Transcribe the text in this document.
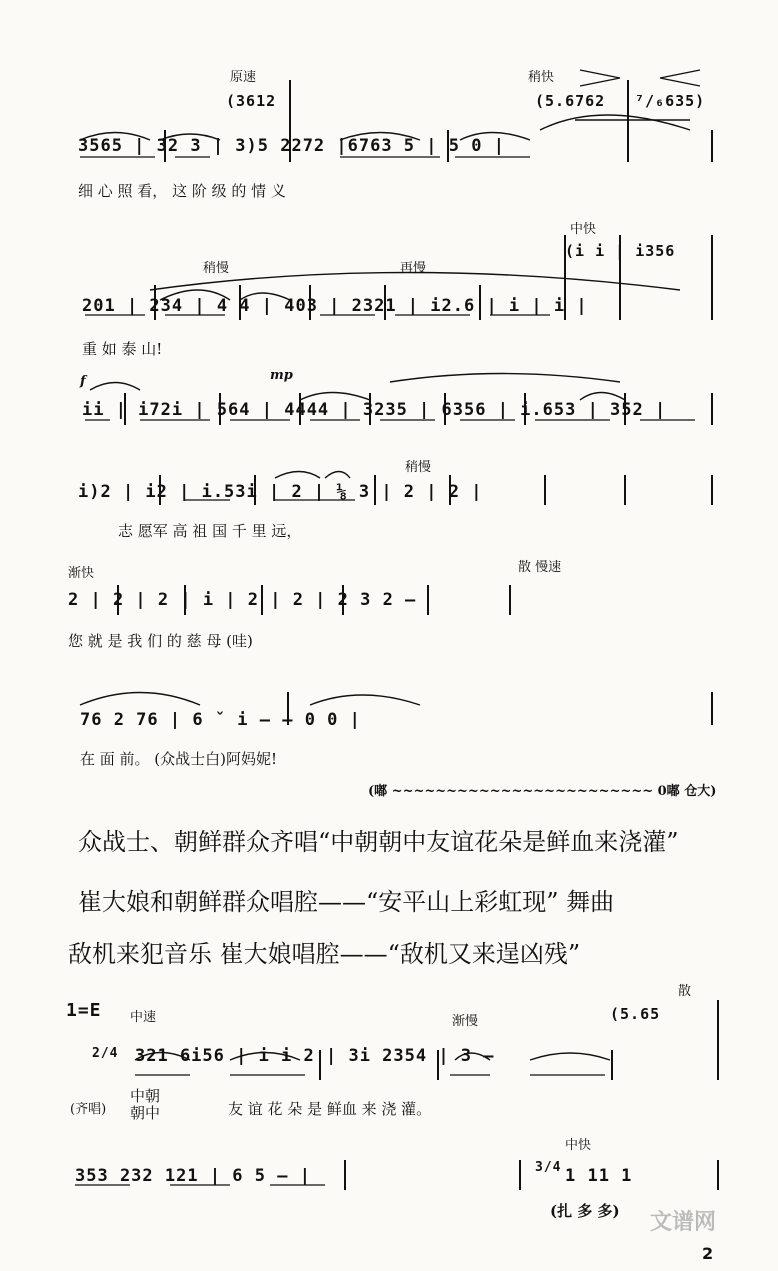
原速	稍快
(3612	(5.6762 ⁷/₆635)
3565 | 32 3 | 3)5 2272 |6763 5 | 5 0 |
细 心 照 看， 这 阶 级 的 情 义
中快
(i i | i356
稍慢	再慢
201 | 234 | 4 4 | 403 | 2321 | i2.6 | i | i |
重 如 泰 山!
f	mp
ii | i72i | 564 | 4444 | 3235 | 6356 | i.653 | 352 |
稍慢
i)2 | i2 | i.53i | 2 | ⅛ 3 | 2 | 2 |
志 愿军 高 祖 国 千 里 远，
渐快	散 慢速
2 | 2 | 2 | i | 2 | 2 | 2 3 2 —
您 就 是 我 们 的 慈 母 (哇)
76 2 76 | 6 ˇ i — — 0 0 |
在 面 前。 (众战士白)阿妈妮!
(嘟 ~~~~~~~~~~~~~~~~~~~~~~~~ 0嘟 仓大)
众战士、朝鲜群众齐唱“中朝朝中友谊花朵是鲜血来浇灌”
崔大娘和朝鲜群众唱腔——“安平山上彩虹现” 舞曲
敌机来犯音乐 崔大娘唱腔——“敌机又来逞凶残”
散
(5.65
1=E 中速	渐慢
2/4 321 6i56 | i i 2 | 3i 2354 | 3 —
(齐唱)
中朝
朝中	友 谊 花 朵 是 鲜血 来 浇 灌。
中快
353 232 121 | 6 5 — |	3/4 1 11 1
(扎 多 多) 文谱网
2
